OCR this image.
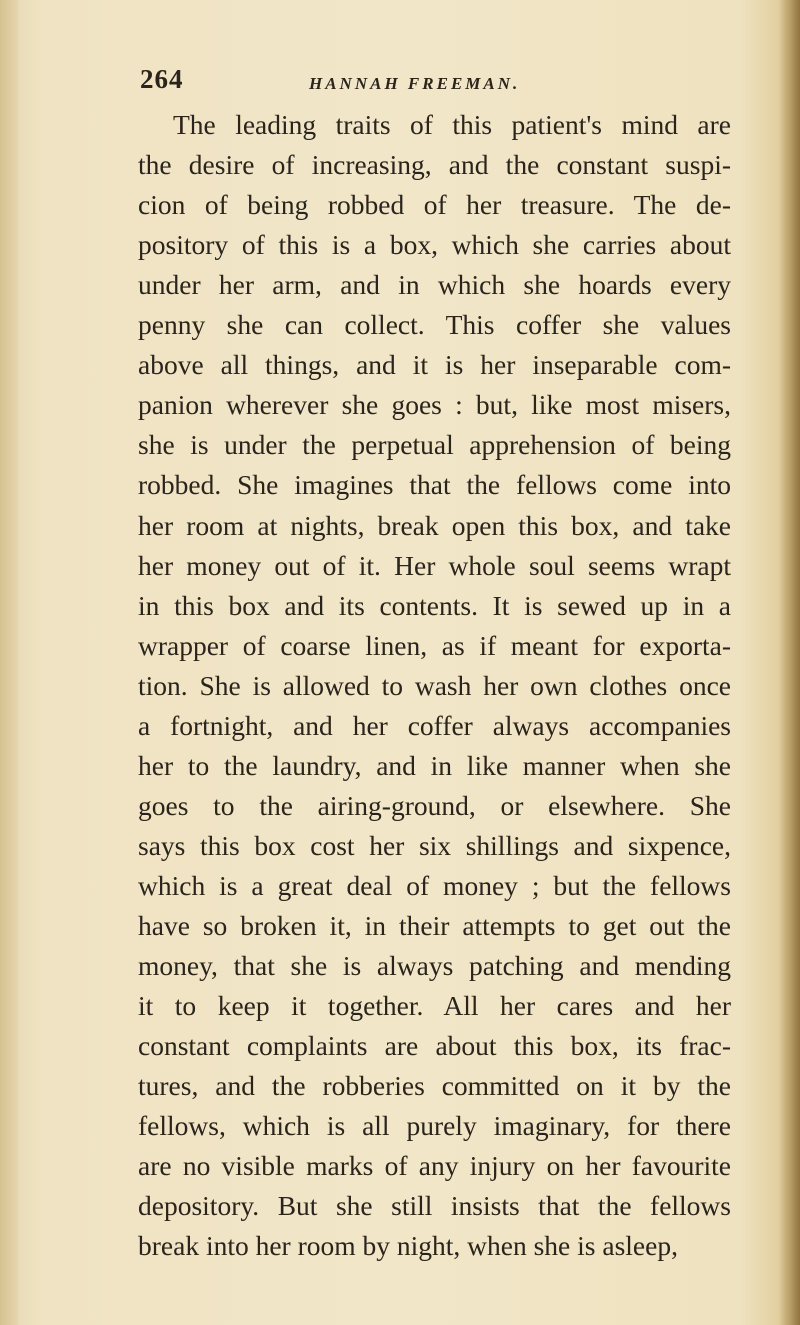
264	HANNAH FREEMAN.
The leading traits of this patient's mind are
the desire of increasing, and the constant suspi-
cion of being robbed of her treasure. The de-
pository of this is a box, which she carries about
under her arm, and in which she hoards every
penny she can collect. This coffer she values
above all things, and it is her inseparable com-
panion wherever she goes : but, like most misers,
she is under the perpetual apprehension of being
robbed. She imagines that the fellows come into
her room at nights, break open this box, and take
her money out of it. Her whole soul seems wrapt
in this box and its contents. It is sewed up in a
wrapper of coarse linen, as if meant for exporta-
tion. She is allowed to wash her own clothes once
a fortnight, and her coffer always accompanies
her to the laundry, and in like manner when she
goes to the airing-ground, or elsewhere. She
says this box cost her six shillings and sixpence,
which is a great deal of money ; but the fellows
have so broken it, in their attempts to get out the
money, that she is always patching and mending
it to keep it together. All her cares and her
constant complaints are about this box, its frac-
tures, and the robberies committed on it by the
fellows, which is all purely imaginary, for there
are no visible marks of any injury on her favourite
depository. But she still insists that the fellows
break into her room by night, when she is asleep,
